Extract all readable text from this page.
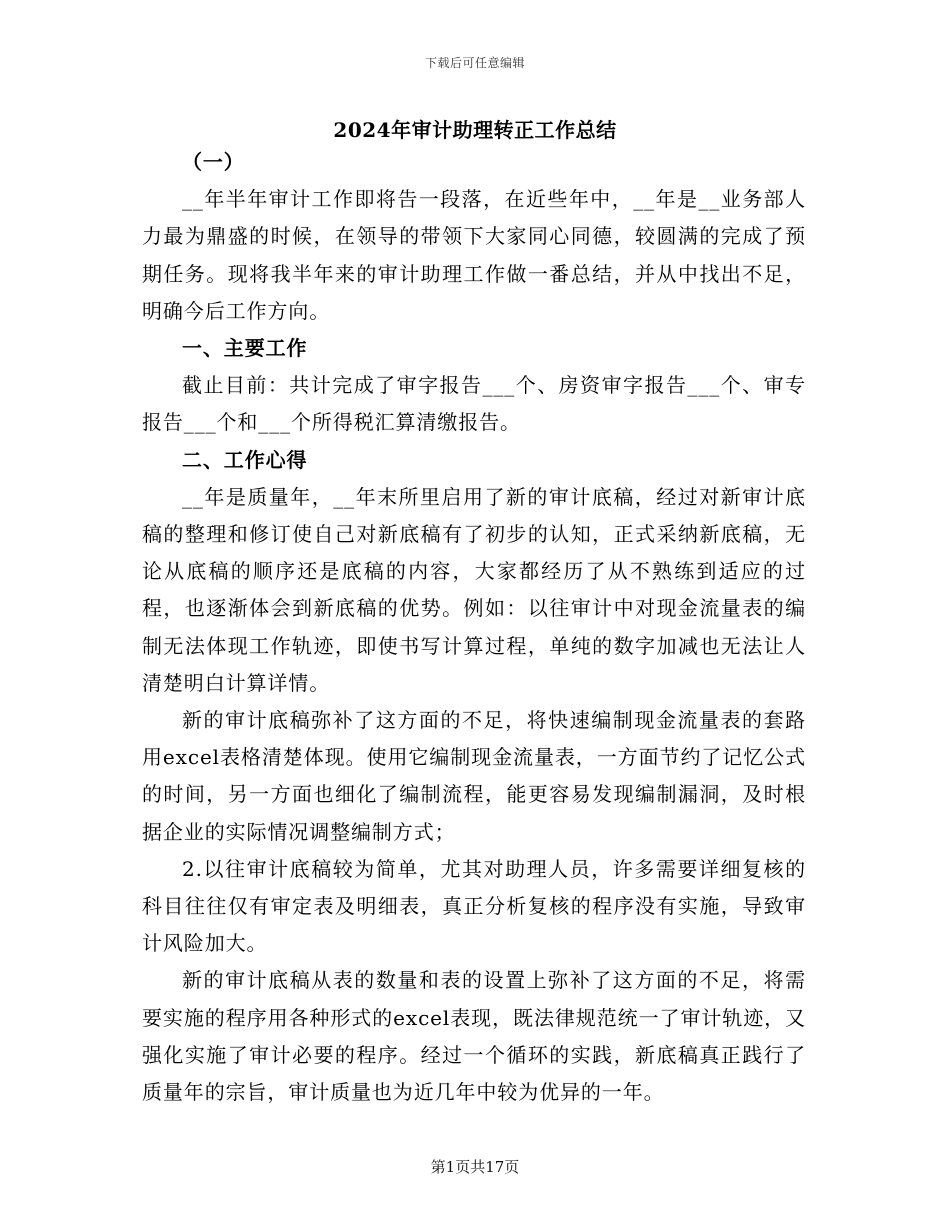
下载后可任意编辑
2024年审计助理转正工作总结

（一）

__年半年审计工作即将告一段落，在近些年中，__年是__业务部人力最为鼎盛的时候，在领导的带领下大家同心同德，较圆满的完成了预期任务。现将我半年来的审计助理工作做一番总结，并从中找出不足，明确今后工作方向。

一、主要工作

截止目前：共计完成了审字报告___个、房资审字报告___个、审专报告___个和___个所得税汇算清缴报告。

二、工作心得

__年是质量年，__年末所里启用了新的审计底稿，经过对新审计底稿的整理和修订使自己对新底稿有了初步的认知，正式采纳新底稿，无论从底稿的顺序还是底稿的内容，大家都经历了从不熟练到适应的过程，也逐渐体会到新底稿的优势。例如：以往审计中对现金流量表的编制无法体现工作轨迹，即使书写计算过程，单纯的数字加减也无法让人清楚明白计算详情。

新的审计底稿弥补了这方面的不足，将快速编制现金流量表的套路用excel表格清楚体现。使用它编制现金流量表，一方面节约了记忆公式的时间，另一方面也细化了编制流程，能更容易发现编制漏洞，及时根据企业的实际情况调整编制方式；

2.以往审计底稿较为简单，尤其对助理人员，许多需要详细复核的科目往往仅有审定表及明细表，真正分析复核的程序没有实施，导致审计风险加大。

新的审计底稿从表的数量和表的设置上弥补了这方面的不足，将需要实施的程序用各种形式的excel表现，既法律规范统一了审计轨迹，又强化实施了审计必要的程序。经过一个循环的实践，新底稿真正践行了质量年的宗旨，审计质量也为近几年中较为优异的一年。

第1页共17页
